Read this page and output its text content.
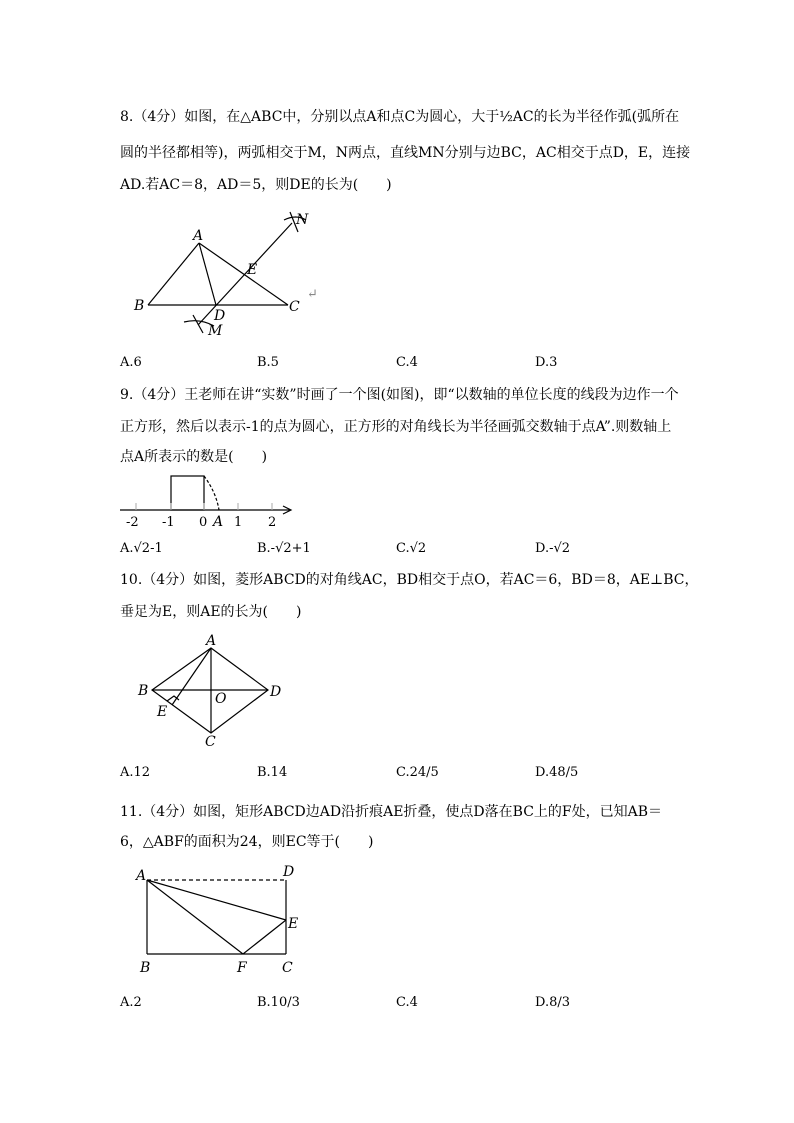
8.（4分）如图，在△ABC中，分别以点A和点C为圆心，大于½AC的长为半径作弧(弧所在
圆的半径都相等)，两弧相交于M，N两点，直线MN分别与边BC，AC相交于点D，E，连接
AD.若AC＝8，AD＝5，则DE的长为(　　)
A
B	C
D
E
M
N
↵
A.6	B.5	C.4	D.3
9.（4分）王老师在讲“实数”时画了一个图(如图)，即“以数轴的单位长度的线段为边作一个
正方形，然后以表示-1的点为圆心，正方形的对角线长为半径画弧交数轴于点A”.则数轴上
点A所表示的数是(　　)
-2 -1 0 A 1 2
A.√2-1	B.-√2+1	C.√2	D.-√2
10.（4分）如图，菱形ABCD的对角线AC，BD相交于点O，若AC＝6，BD＝8，AE⊥BC，
垂足为E，则AE的长为(　　)
A
B
C
D
E
O
A.12	B.14	C.24/5	D.48/5
11.（4分）如图，矩形ABCD边AD沿折痕AE折叠，使点D落在BC上的F处，已知AB＝
6，△ABF的面积为24，则EC等于(　　)
A
B	C
D
E
F
A.2	B.10/3	C.4	D.8/3
